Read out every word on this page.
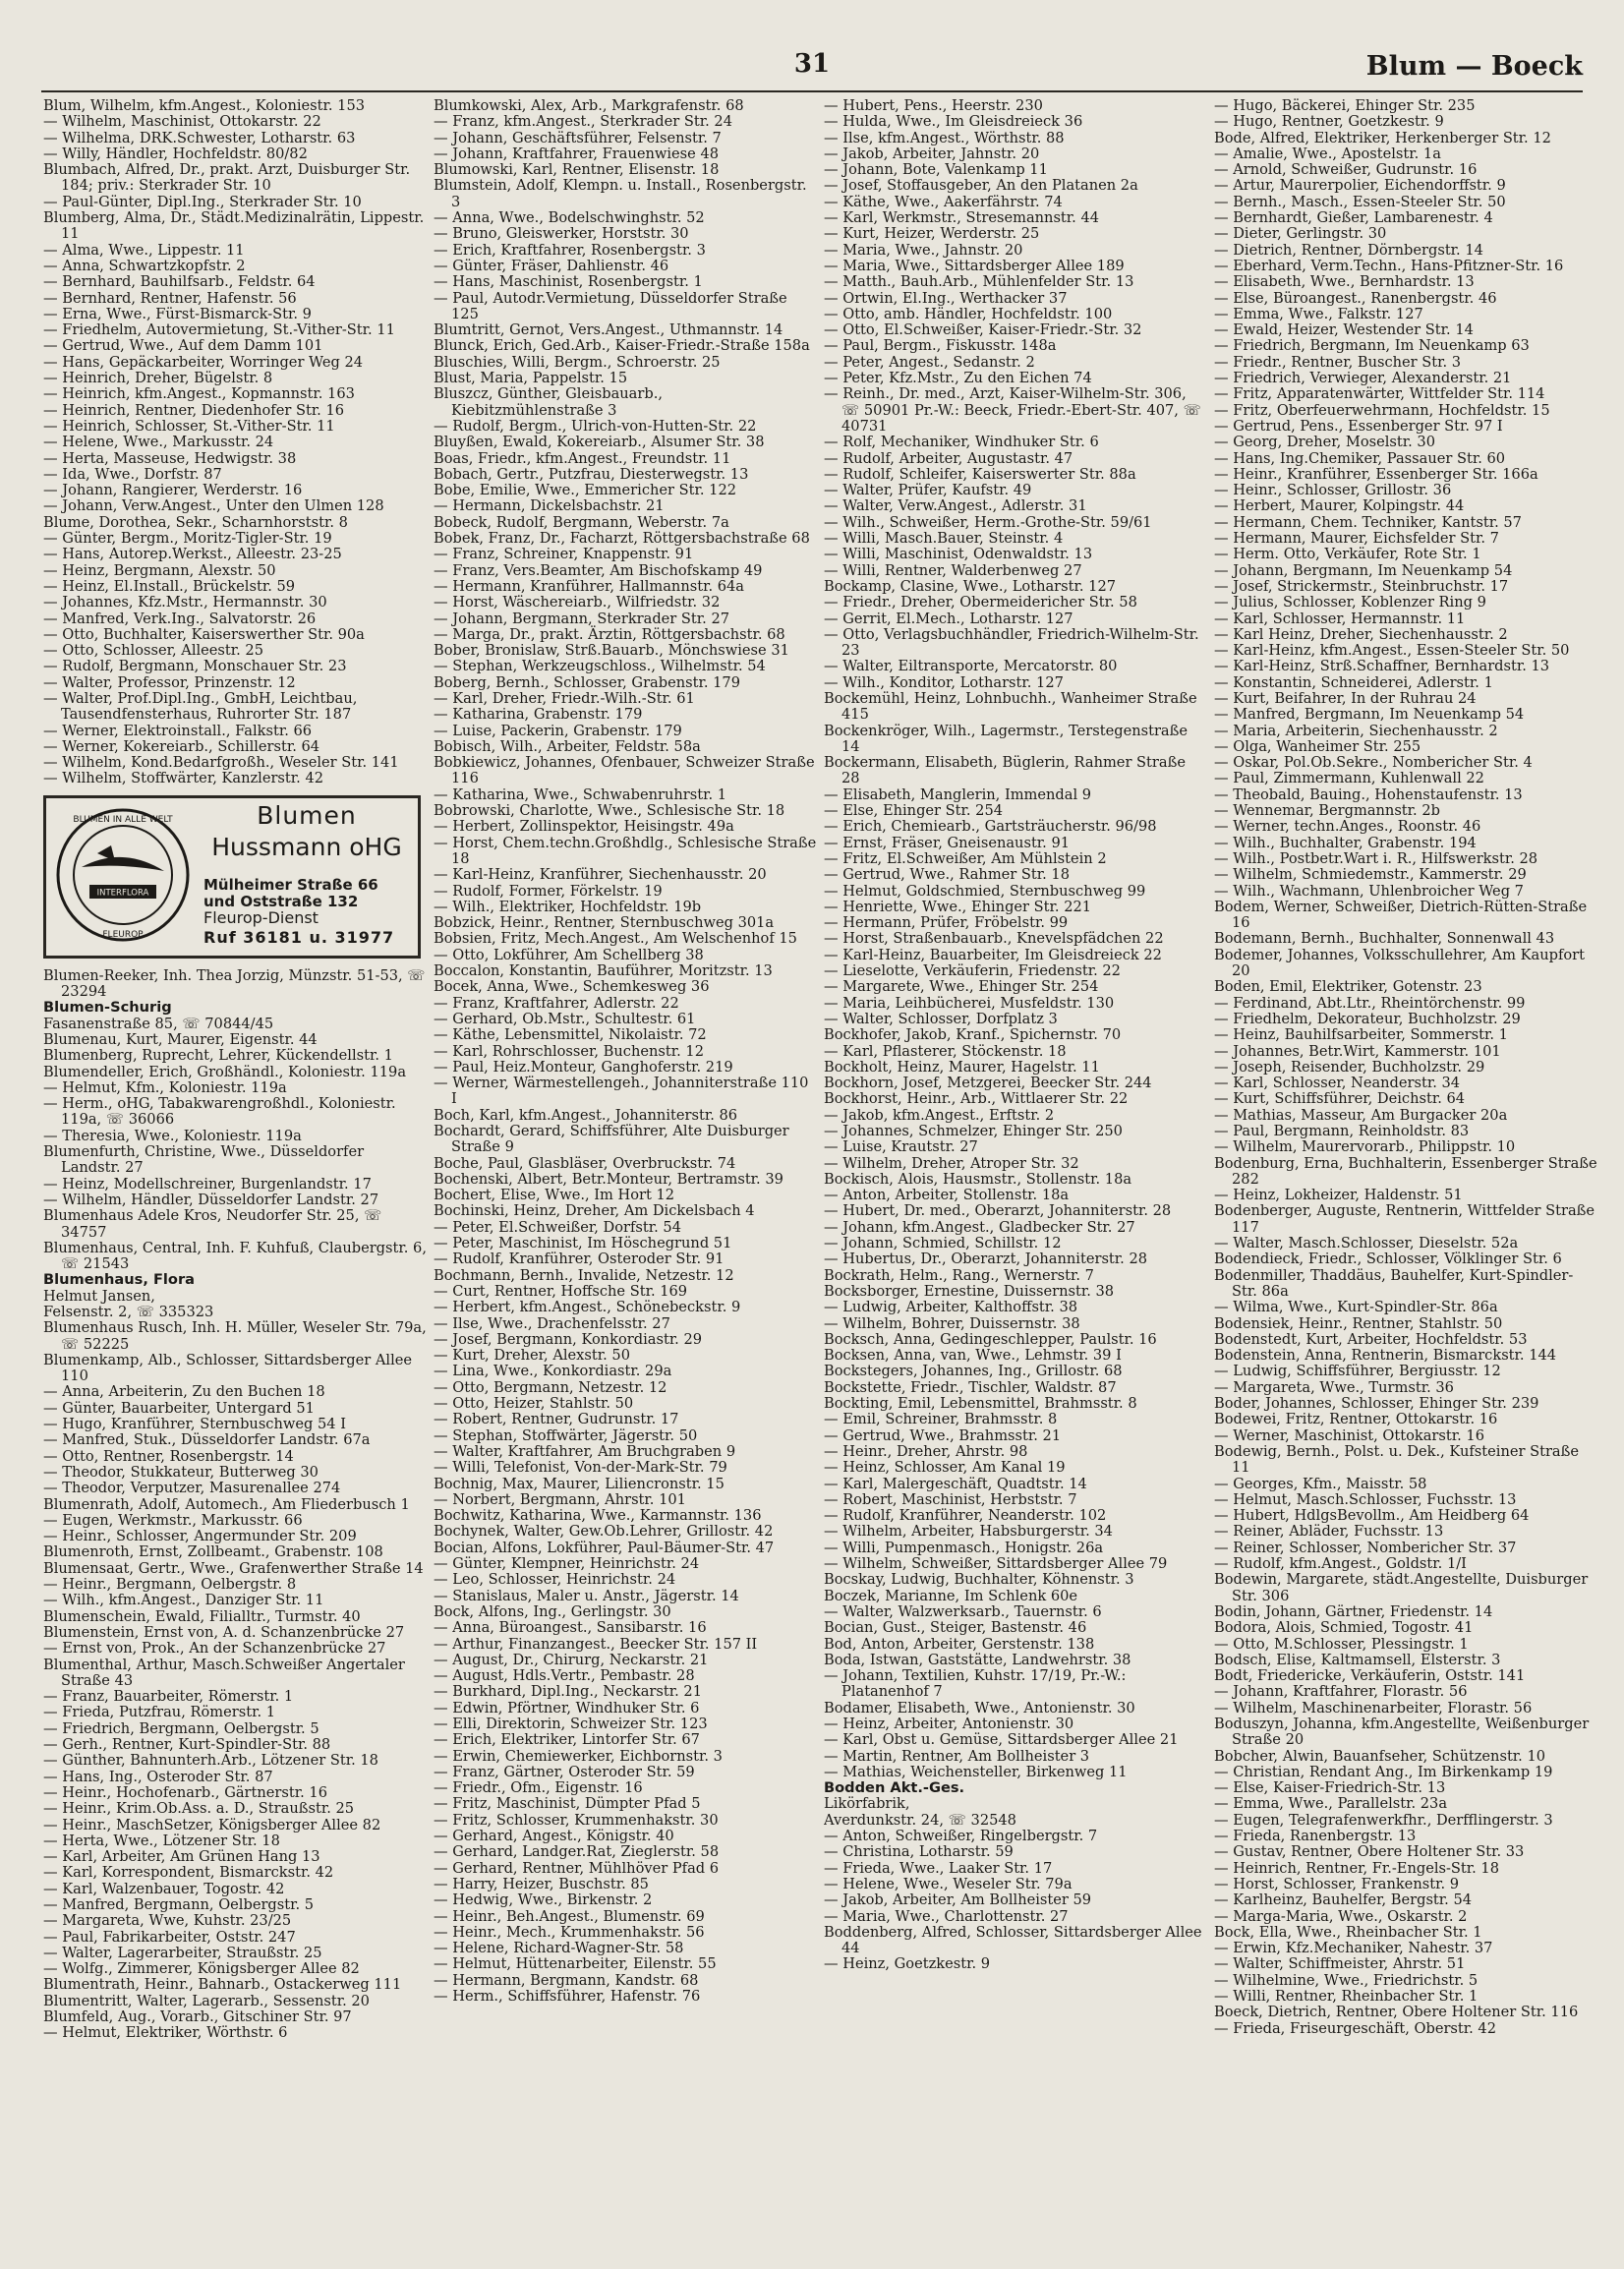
31	Blum — Boeck

Blum, Wilhelm, kfm.Angest., Koloniestr. 153

— Wilhelm, Maschinist, Ottokarstr. 22

— Wilhelma, DRK.Schwester, Lotharstr. 63

— Willy, Händler, Hochfeldstr. 80/82

Blumbach, Alfred, Dr., prakt. Arzt, Duisburger Str. 184; priv.: Sterkrader Str. 10

— Paul-Günter, Dipl.Ing., Sterkrader Str. 10

Blumberg, Alma, Dr., Städt.Medizinalrätin, Lippestr. 11

— Alma, Wwe., Lippestr. 11

— Anna, Schwartzkopfstr. 2

— Bernhard, Bauhilfsarb., Feldstr. 64

— Bernhard, Rentner, Hafenstr. 56

— Erna, Wwe., Fürst-Bismarck-Str. 9

— Friedhelm, Autovermietung, St.-Vither-Str. 11

— Gertrud, Wwe., Auf dem Damm 101

— Hans, Gepäckarbeiter, Worringer Weg 24

— Heinrich, Dreher, Bügelstr. 8

— Heinrich, kfm.Angest., Kopmannstr. 163

— Heinrich, Rentner, Diedenhofer Str. 16

— Heinrich, Schlosser, St.-Vither-Str. 11

— Helene, Wwe., Markusstr. 24

— Herta, Masseuse, Hedwigstr. 38

— Ida, Wwe., Dorfstr. 87

— Johann, Rangierer, Werderstr. 16

— Johann, Verw.Angest., Unter den Ulmen 128

Blume, Dorothea, Sekr., Scharnhorststr. 8

— Günter, Bergm., Moritz-Tigler-Str. 19

— Hans, Autorep.Werkst., Alleestr. 23-25

— Heinz, Bergmann, Alexstr. 50

— Heinz, El.Install., Brückelstr. 59

— Johannes, Kfz.Mstr., Hermannstr. 30

— Manfred, Verk.Ing., Salvatorstr. 26

— Otto, Buchhalter, Kaiserswerther Str. 90a

— Otto, Schlosser, Alleestr. 25

— Rudolf, Bergmann, Monschauer Str. 23

— Walter, Professor, Prinzenstr. 12

— Walter, Prof.Dipl.Ing., GmbH, Leichtbau, Tausendfensterhaus, Ruhrorter Str. 187

— Werner, Elektroinstall., Falkstr. 66

— Werner, Kokereiarb., Schillerstr. 64

— Wilhelm, Kond.Bedarfgroßh., Weseler Str. 141

— Wilhelm, Stoffwärter, Kanzlerstr. 42

INTERFLORA
BLUMEN IN ALLE WELT
FLEUROP
Blumen
Hussmann oHG
Mülheimer Straße 66
und Oststraße 132
Fleurop-Dienst
Ruf 36181 u. 31977

Blumen-Reeker, Inh. Thea Jorzig, Münzstr. 51-53, ☏ 23294

Blumen-Schurig

Fasanenstraße 85, ☏ 70844/45

Blumenau, Kurt, Maurer, Eigenstr. 44

Blumenberg, Ruprecht, Lehrer, Kückendellstr. 1

Blumendeller, Erich, Großhändl., Koloniestr. 119a

— Helmut, Kfm., Koloniestr. 119a

— Herm., oHG, Tabakwarengroßhdl., Koloniestr. 119a, ☏ 36066

— Theresia, Wwe., Koloniestr. 119a

Blumenfurth, Christine, Wwe., Düsseldorfer Landstr. 27

— Heinz, Modellschreiner, Burgenlandstr. 17

— Wilhelm, Händler, Düsseldorfer Landstr. 27

Blumenhaus Adele Kros, Neudorfer Str. 25, ☏ 34757

Blumenhaus, Central, Inh. F. Kuhfuß, Claubergstr. 6, ☏ 21543

Blumenhaus, Flora

Helmut Jansen,

Felsenstr. 2, ☏ 335323

Blumenhaus Rusch, Inh. H. Müller, Weseler Str. 79a, ☏ 52225

Blumenkamp, Alb., Schlosser, Sittardsberger Allee 110

— Anna, Arbeiterin, Zu den Buchen 18

— Günter, Bauarbeiter, Untergard 51

— Hugo, Kranführer, Sternbuschweg 54 I

— Manfred, Stuk., Düsseldorfer Landstr. 67a

— Otto, Rentner, Rosenbergstr. 14

— Theodor, Stukkateur, Butterweg 30

— Theodor, Verputzer, Masurenallee 274

Blumenrath, Adolf, Automech., Am Fliederbusch 1

— Eugen, Werkmstr., Markusstr. 66

— Heinr., Schlosser, Angermunder Str. 209

Blumenroth, Ernst, Zollbeamt., Grabenstr. 108

Blumensaat, Gertr., Wwe., Grafenwerther Straße 14

— Heinr., Bergmann, Oelbergstr. 8

— Wilh., kfm.Angest., Danziger Str. 11

Blumenschein, Ewald, Filialltr., Turmstr. 40

Blumenstein, Ernst von, A. d. Schanzenbrücke 27

— Ernst von, Prok., An der Schanzenbrücke 27

Blumenthal, Arthur, Masch.Schweißer Angertaler Straße 43

— Franz, Bauarbeiter, Römerstr. 1

— Frieda, Putzfrau, Römerstr. 1

— Friedrich, Bergmann, Oelbergstr. 5

— Gerh., Rentner, Kurt-Spindler-Str. 88

— Günther, Bahnunterh.Arb., Lötzener Str. 18

— Hans, Ing., Osteroder Str. 87

— Heinr., Hochofenarb., Gärtnerstr. 16

— Heinr., Krim.Ob.Ass. a. D., Straußstr. 25

— Heinr., MaschSetzer, Königsberger Allee 82

— Herta, Wwe., Lötzener Str. 18

— Karl, Arbeiter, Am Grünen Hang 13

— Karl, Korrespondent, Bismarckstr. 42

— Karl, Walzenbauer, Togostr. 42

— Manfred, Bergmann, Oelbergstr. 5

— Margareta, Wwe, Kuhstr. 23/25

— Paul, Fabrikarbeiter, Oststr. 247

— Walter, Lagerarbeiter, Straußstr. 25

— Wolfg., Zimmerer, Königsberger Allee 82

Blumentrath, Heinr., Bahnarb., Ostackerweg 111

Blumentritt, Walter, Lagerarb., Sessenstr. 20

Blumfeld, Aug., Vorarb., Gitschiner Str. 97

— Helmut, Elektriker, Wörthstr. 6

Blumkowski, Alex, Arb., Markgrafenstr. 68

— Franz, kfm.Angest., Sterkrader Str. 24

— Johann, Geschäftsführer, Felsenstr. 7

— Johann, Kraftfahrer, Frauenwiese 48

Blumowski, Karl, Rentner, Elisenstr. 18

Blumstein, Adolf, Klempn. u. Install., Rosenbergstr. 3

— Anna, Wwe., Bodelschwinghstr. 52

— Bruno, Gleiswerker, Horststr. 30

— Erich, Kraftfahrer, Rosenbergstr. 3

— Günter, Fräser, Dahlienstr. 46

— Hans, Maschinist, Rosenbergstr. 1

— Paul, Autodr.Vermietung, Düsseldorfer Straße 125

Blumtritt, Gernot, Vers.Angest., Uthmannstr. 14

Blunck, Erich, Ged.Arb., Kaiser-Friedr.-Straße 158a

Bluschies, Willi, Bergm., Schroerstr. 25

Blust, Maria, Pappelstr. 15

Bluszcz, Günther, Gleisbauarb., Kiebitzmühlenstraße 3

— Rudolf, Bergm., Ulrich-von-Hutten-Str. 22

Bluyßen, Ewald, Kokereiarb., Alsumer Str. 38

Boas, Friedr., kfm.Angest., Freundstr. 11

Bobach, Gertr., Putzfrau, Diesterwegstr. 13

Bobe, Emilie, Wwe., Emmericher Str. 122

— Hermann, Dickelsbachstr. 21

Bobeck, Rudolf, Bergmann, Weberstr. 7a

Bobek, Franz, Dr., Facharzt, Röttgersbachstraße 68

— Franz, Schreiner, Knappenstr. 91

— Franz, Vers.Beamter, Am Bischofskamp 49

— Hermann, Kranführer, Hallmannstr. 64a

— Horst, Wäschereiarb., Wilfriedstr. 32

— Johann, Bergmann, Sterkrader Str. 27

— Marga, Dr., prakt. Ärztin, Röttgersbachstr. 68

Bober, Bronislaw, Strß.Bauarb., Mönchswiese 31

— Stephan, Werkzeugschloss., Wilhelmstr. 54

Boberg, Bernh., Schlosser, Grabenstr. 179

— Karl, Dreher, Friedr.-Wilh.-Str. 61

— Katharina, Grabenstr. 179

— Luise, Packerin, Grabenstr. 179

Bobisch, Wilh., Arbeiter, Feldstr. 58a

Bobkiewicz, Johannes, Ofenbauer, Schweizer Straße 116

— Katharina, Wwe., Schwabenruhrstr. 1

Bobrowski, Charlotte, Wwe., Schlesische Str. 18

— Herbert, Zollinspektor, Heisingstr. 49a

— Horst, Chem.techn.Großhdlg., Schlesische Straße 18

— Karl-Heinz, Kranführer, Siechenhausstr. 20

— Rudolf, Former, Förkelstr. 19

— Wilh., Elektriker, Hochfeldstr. 19b

Bobzick, Heinr., Rentner, Sternbuschweg 301a

Bobsien, Fritz, Mech.Angest., Am Welschenhof 15

— Otto, Lokführer, Am Schellberg 38

Boccalon, Konstantin, Bauführer, Moritzstr. 13

Bocek, Anna, Wwe., Schemkesweg 36

— Franz, Kraftfahrer, Adlerstr. 22

— Gerhard, Ob.Mstr., Schultestr. 61

— Käthe, Lebensmittel, Nikolaistr. 72

— Karl, Rohrschlosser, Buchenstr. 12

— Paul, Heiz.Monteur, Ganghoferstr. 219

— Werner, Wärmestellengeh., Johanniterstraße 110 I

Boch, Karl, kfm.Angest., Johanniterstr. 86

Bochardt, Gerard, Schiffsführer, Alte Duisburger Straße 9

Boche, Paul, Glasbläser, Overbruckstr. 74

Bochenski, Albert, Betr.Monteur, Bertramstr. 39

Bochert, Elise, Wwe., Im Hort 12

Bochinski, Heinz, Dreher, Am Dickelsbach 4

— Peter, El.Schweißer, Dorfstr. 54

— Peter, Maschinist, Im Höschegrund 51

— Rudolf, Kranführer, Osteroder Str. 91

Bochmann, Bernh., Invalide, Netzestr. 12

— Curt, Rentner, Hoffsche Str. 169

— Herbert, kfm.Angest., Schönebeckstr. 9

— Ilse, Wwe., Drachenfelsstr. 27

— Josef, Bergmann, Konkordiastr. 29

— Kurt, Dreher, Alexstr. 50

— Lina, Wwe., Konkordiastr. 29a

— Otto, Bergmann, Netzestr. 12

— Otto, Heizer, Stahlstr. 50

— Robert, Rentner, Gudrunstr. 17

— Stephan, Stoffwärter, Jägerstr. 50

— Walter, Kraftfahrer, Am Bruchgraben 9

— Willi, Telefonist, Von-der-Mark-Str. 79

Bochnig, Max, Maurer, Liliencronstr. 15

— Norbert, Bergmann, Ahrstr. 101

Bochwitz, Katharina, Wwe., Karmannstr. 136

Bochynek, Walter, Gew.Ob.Lehrer, Grillostr. 42

Bocian, Alfons, Lokführer, Paul-Bäumer-Str. 47

— Günter, Klempner, Heinrichstr. 24

— Leo, Schlosser, Heinrichstr. 24

— Stanislaus, Maler u. Anstr., Jägerstr. 14

Bock, Alfons, Ing., Gerlingstr. 30

— Anna, Büroangest., Sansibarstr. 16

— Arthur, Finanzangest., Beecker Str. 157 II

— August, Dr., Chirurg, Neckarstr. 21

— August, Hdls.Vertr., Pembastr. 28

— Burkhard, Dipl.Ing., Neckarstr. 21

— Edwin, Pförtner, Windhuker Str. 6

— Elli, Direktorin, Schweizer Str. 123

— Erich, Elektriker, Lintorfer Str. 67

— Erwin, Chemiewerker, Eichbornstr. 3

— Franz, Gärtner, Osteroder Str. 59

— Friedr., Ofm., Eigenstr. 16

— Fritz, Maschinist, Dümpter Pfad 5

— Fritz, Schlosser, Krummenhakstr. 30

— Gerhard, Angest., Königstr. 40

— Gerhard, Landger.Rat, Zieglerstr. 58

— Gerhard, Rentner, Mühlhöver Pfad 6

— Harry, Heizer, Buschstr. 85

— Hedwig, Wwe., Birkenstr. 2

— Heinr., Beh.Angest., Blumenstr. 69

— Heinr., Mech., Krummenhakstr. 56

— Helene, Richard-Wagner-Str. 58

— Helmut, Hüttenarbeiter, Eilenstr. 55

— Hermann, Bergmann, Kandstr. 68

— Herm., Schiffsführer, Hafenstr. 76

— Hubert, Pens., Heerstr. 230

— Hulda, Wwe., Im Gleisdreieck 36

— Ilse, kfm.Angest., Wörthstr. 88

— Jakob, Arbeiter, Jahnstr. 20

— Johann, Bote, Valenkamp 11

— Josef, Stoffausgeber, An den Platanen 2a

— Käthe, Wwe., Aakerfährstr. 74

— Karl, Werkmstr., Stresemannstr. 44

— Kurt, Heizer, Werderstr. 25

— Maria, Wwe., Jahnstr. 20

— Maria, Wwe., Sittardsberger Allee 189

— Matth., Bauh.Arb., Mühlenfelder Str. 13

— Ortwin, El.Ing., Werthacker 37

— Otto, amb. Händler, Hochfeldstr. 100

— Otto, El.Schweißer, Kaiser-Friedr.-Str. 32

— Paul, Bergm., Fiskusstr. 148a

— Peter, Angest., Sedanstr. 2

— Peter, Kfz.Mstr., Zu den Eichen 74

— Reinh., Dr. med., Arzt, Kaiser-Wilhelm-Str. 306, ☏ 50901 Pr.-W.: Beeck, Friedr.-Ebert-Str. 407, ☏ 40731

— Rolf, Mechaniker, Windhuker Str. 6

— Rudolf, Arbeiter, Augustastr. 47

— Rudolf, Schleifer, Kaiserswerter Str. 88a

— Walter, Prüfer, Kaufstr. 49

— Walter, Verw.Angest., Adlerstr. 31

— Wilh., Schweißer, Herm.-Grothe-Str. 59/61

— Willi, Masch.Bauer, Steinstr. 4

— Willi, Maschinist, Odenwaldstr. 13

— Willi, Rentner, Walderbenweg 27

Bockamp, Clasine, Wwe., Lotharstr. 127

— Friedr., Dreher, Obermeidericher Str. 58

— Gerrit, El.Mech., Lotharstr. 127

— Otto, Verlagsbuchhändler, Friedrich-Wilhelm-Str. 23

— Walter, Eiltransporte, Mercatorstr. 80

— Wilh., Konditor, Lotharstr. 127

Bockemühl, Heinz, Lohnbuchh., Wanheimer Straße 415

Bockenkröger, Wilh., Lagermstr., Terstegenstraße 14

Bockermann, Elisabeth, Büglerin, Rahmer Straße 28

— Elisabeth, Manglerin, Immendal 9

— Else, Ehinger Str. 254

— Erich, Chemiearb., Gartsträucherstr. 96/98

— Ernst, Fräser, Gneisenaustr. 91

— Fritz, El.Schweißer, Am Mühlstein 2

— Gertrud, Wwe., Rahmer Str. 18

— Helmut, Goldschmied, Sternbuschweg 99

— Henriette, Wwe., Ehinger Str. 221

— Hermann, Prüfer, Fröbelstr. 99

— Horst, Straßenbauarb., Knevelspfädchen 22

— Karl-Heinz, Bauarbeiter, Im Gleisdreieck 22

— Lieselotte, Verkäuferin, Friedenstr. 22

— Margarete, Wwe., Ehinger Str. 254

— Maria, Leihbücherei, Musfeldstr. 130

— Walter, Schlosser, Dorfplatz 3

Bockhofer, Jakob, Kranf., Spichernstr. 70

— Karl, Pflasterer, Stöckenstr. 18

Bockholt, Heinz, Maurer, Hagelstr. 11

Bockhorn, Josef, Metzgerei, Beecker Str. 244

Bockhorst, Heinr., Arb., Wittlaerer Str. 22

— Jakob, kfm.Angest., Erftstr. 2

— Johannes, Schmelzer, Ehinger Str. 250

— Luise, Krautstr. 27

— Wilhelm, Dreher, Atroper Str. 32

Bockisch, Alois, Hausmstr., Stollenstr. 18a

— Anton, Arbeiter, Stollenstr. 18a

— Hubert, Dr. med., Oberarzt, Johanniterstr. 28

— Johann, kfm.Angest., Gladbecker Str. 27

— Johann, Schmied, Schillstr. 12

— Hubertus, Dr., Oberarzt, Johanniterstr. 28

Bockrath, Helm., Rang., Wernerstr. 7

Bocksborger, Ernestine, Duissernstr. 38

— Ludwig, Arbeiter, Kalthoffstr. 38

— Wilhelm, Bohrer, Duissernstr. 38

Bocksch, Anna, Gedingeschlepper, Paulstr. 16

Bocksen, Anna, van, Wwe., Lehmstr. 39 I

Bockstegers, Johannes, Ing., Grillostr. 68

Bockstette, Friedr., Tischler, Waldstr. 87

Bockting, Emil, Lebensmittel, Brahmsstr. 8

— Emil, Schreiner, Brahmsstr. 8

— Gertrud, Wwe., Brahmsstr. 21

— Heinr., Dreher, Ahrstr. 98

— Heinz, Schlosser, Am Kanal 19

— Karl, Malergeschäft, Quadtstr. 14

— Robert, Maschinist, Herbststr. 7

— Rudolf, Kranführer, Neanderstr. 102

— Wilhelm, Arbeiter, Habsburgerstr. 34

— Willi, Pumpenmasch., Honigstr. 26a

— Wilhelm, Schweißer, Sittardsberger Allee 79

Bocskay, Ludwig, Buchhalter, Köhnenstr. 3

Boczek, Marianne, Im Schlenk 60e

— Walter, Walzwerksarb., Tauernstr. 6

Bocian, Gust., Steiger, Bastenstr. 46

Bod, Anton, Arbeiter, Gerstenstr. 138

Boda, Istwan, Gaststätte, Landwehrstr. 38

— Johann, Textilien, Kuhstr. 17/19, Pr.-W.: Platanenhof 7

Bodamer, Elisabeth, Wwe., Antonienstr. 30

— Heinz, Arbeiter, Antonienstr. 30

— Karl, Obst u. Gemüse, Sittardsberger Allee 21

— Martin, Rentner, Am Bollheister 3

— Mathias, Weichensteller, Birkenweg 11

Bodden Akt.-Ges.

Likörfabrik,

Averdunkstr. 24, ☏ 32548

— Anton, Schweißer, Ringelbergstr. 7

— Christina, Lotharstr. 59

— Frieda, Wwe., Laaker Str. 17

— Helene, Wwe., Weseler Str. 79a

— Jakob, Arbeiter, Am Bollheister 59

— Maria, Wwe., Charlottenstr. 27

Boddenberg, Alfred, Schlosser, Sittardsberger Allee 44

— Heinz, Goetzkestr. 9

— Hugo, Bäckerei, Ehinger Str. 235

— Hugo, Rentner, Goetzkestr. 9

Bode, Alfred, Elektriker, Herkenberger Str. 12

— Amalie, Wwe., Apostelstr. 1a

— Arnold, Schweißer, Gudrunstr. 16

— Artur, Maurerpolier, Eichendorffstr. 9

— Bernh., Masch., Essen-Steeler Str. 50

— Bernhardt, Gießer, Lambarenestr. 4

— Dieter, Gerlingstr. 30

— Dietrich, Rentner, Dörnbergstr. 14

— Eberhard, Verm.Techn., Hans-Pfitzner-Str. 16

— Elisabeth, Wwe., Bernhardstr. 13

— Else, Büroangest., Ranenbergstr. 46

— Emma, Wwe., Falkstr. 127

— Ewald, Heizer, Westender Str. 14

— Friedrich, Bergmann, Im Neuenkamp 63

— Friedr., Rentner, Buscher Str. 3

— Friedrich, Verwieger, Alexanderstr. 21

— Fritz, Apparatenwärter, Wittfelder Str. 114

— Fritz, Oberfeuerwehrmann, Hochfeldstr. 15

— Gertrud, Pens., Essenberger Str. 97 I

— Georg, Dreher, Moselstr. 30

— Hans, Ing.Chemiker, Passauer Str. 60

— Heinr., Kranführer, Essenberger Str. 166a

— Heinr., Schlosser, Grillostr. 36

— Herbert, Maurer, Kolpingstr. 44

— Hermann, Chem. Techniker, Kantstr. 57

— Hermann, Maurer, Eichsfelder Str. 7

— Herm. Otto, Verkäufer, Rote Str. 1

— Johann, Bergmann, Im Neuenkamp 54

— Josef, Strickermstr., Steinbruchstr. 17

— Julius, Schlosser, Koblenzer Ring 9

— Karl, Schlosser, Hermannstr. 11

— Karl Heinz, Dreher, Siechenhausstr. 2

— Karl-Heinz, kfm.Angest., Essen-Steeler Str. 50

— Karl-Heinz, Strß.Schaffner, Bernhardstr. 13

— Konstantin, Schneiderei, Adlerstr. 1

— Kurt, Beifahrer, In der Ruhrau 24

— Manfred, Bergmann, Im Neuenkamp 54

— Maria, Arbeiterin, Siechenhausstr. 2

— Olga, Wanheimer Str. 255

— Oskar, Pol.Ob.Sekre., Nombericher Str. 4

— Paul, Zimmermann, Kuhlenwall 22

— Theobald, Bauing., Hohenstaufenstr. 13

— Wennemar, Bergmannstr. 2b

— Werner, techn.Anges., Roonstr. 46

— Wilh., Buchhalter, Grabenstr. 194

— Wilh., Postbetr.Wart i. R., Hilfswerkstr. 28

— Wilhelm, Schmiedemstr., Kammerstr. 29

— Wilh., Wachmann, Uhlenbroicher Weg 7

Bodem, Werner, Schweißer, Dietrich-Rütten-Straße 16

Bodemann, Bernh., Buchhalter, Sonnenwall 43

Bodemer, Johannes, Volksschullehrer, Am Kaupfort 20

Boden, Emil, Elektriker, Gotenstr. 23

— Ferdinand, Abt.Ltr., Rheintörchenstr. 99

— Friedhelm, Dekorateur, Buchholzstr. 29

— Heinz, Bauhilfsarbeiter, Sommerstr. 1

— Johannes, Betr.Wirt, Kammerstr. 101

— Joseph, Reisender, Buchholzstr. 29

— Karl, Schlosser, Neanderstr. 34

— Kurt, Schiffsführer, Deichstr. 64

— Mathias, Masseur, Am Burgacker 20a

— Paul, Bergmann, Reinholdstr. 83

— Wilhelm, Maurervorarb., Philippstr. 10

Bodenburg, Erna, Buchhalterin, Essenberger Straße 282

— Heinz, Lokheizer, Haldenstr. 51

Bodenberger, Auguste, Rentnerin, Wittfelder Straße 117

— Walter, Masch.Schlosser, Dieselstr. 52a

Bodendieck, Friedr., Schlosser, Völklinger Str. 6

Bodenmiller, Thaddäus, Bauhelfer, Kurt-Spindler-Str. 86a

— Wilma, Wwe., Kurt-Spindler-Str. 86a

Bodensiek, Heinr., Rentner, Stahlstr. 50

Bodenstedt, Kurt, Arbeiter, Hochfeldstr. 53

Bodenstein, Anna, Rentnerin, Bismarckstr. 144

— Ludwig, Schiffsführer, Bergiusstr. 12

— Margareta, Wwe., Turmstr. 36

Boder, Johannes, Schlosser, Ehinger Str. 239

Bodewei, Fritz, Rentner, Ottokarstr. 16

— Werner, Maschinist, Ottokarstr. 16

Bodewig, Bernh., Polst. u. Dek., Kufsteiner Straße 11

— Georges, Kfm., Maisstr. 58

— Helmut, Masch.Schlosser, Fuchsstr. 13

— Hubert, HdlgsBevollm., Am Heidberg 64

— Reiner, Abläder, Fuchsstr. 13

— Reiner, Schlosser, Nombericher Str. 37

— Rudolf, kfm.Angest., Goldstr. 1/I

Bodewin, Margarete, städt.Angestellte, Duisburger Str. 306

Bodin, Johann, Gärtner, Friedenstr. 14

Bodora, Alois, Schmied, Togostr. 41

— Otto, M.Schlosser, Plessingstr. 1

Bodsch, Elise, Kaltmamsell, Elsterstr. 3

Bodt, Friedericke, Verkäuferin, Oststr. 141

— Johann, Kraftfahrer, Florastr. 56

— Wilhelm, Maschinenarbeiter, Florastr. 56

Boduszyn, Johanna, kfm.Angestellte, Weißenburger Straße 20

Bobcher, Alwin, Bauanfseher, Schützenstr. 10

— Christian, Rendant Ang., Im Birkenkamp 19

— Else, Kaiser-Friedrich-Str. 13

— Emma, Wwe., Parallelstr. 23a

— Eugen, Telegrafenwerkfhr., Derfflingerstr. 3

— Frieda, Ranenbergstr. 13

— Gustav, Rentner, Obere Holtener Str. 33

— Heinrich, Rentner, Fr.-Engels-Str. 18

— Horst, Schlosser, Frankenstr. 9

— Karlheinz, Bauhelfer, Bergstr. 54

— Marga-Maria, Wwe., Oskarstr. 2

Bock, Ella, Wwe., Rheinbacher Str. 1

— Erwin, Kfz.Mechaniker, Nahestr. 37

— Walter, Schiffmeister, Ahrstr. 51

— Wilhelmine, Wwe., Friedrichstr. 5

— Willi, Rentner, Rheinbacher Str. 1

Boeck, Dietrich, Rentner, Obere Holtener Str. 116

— Frieda, Friseurgeschäft, Oberstr. 42
